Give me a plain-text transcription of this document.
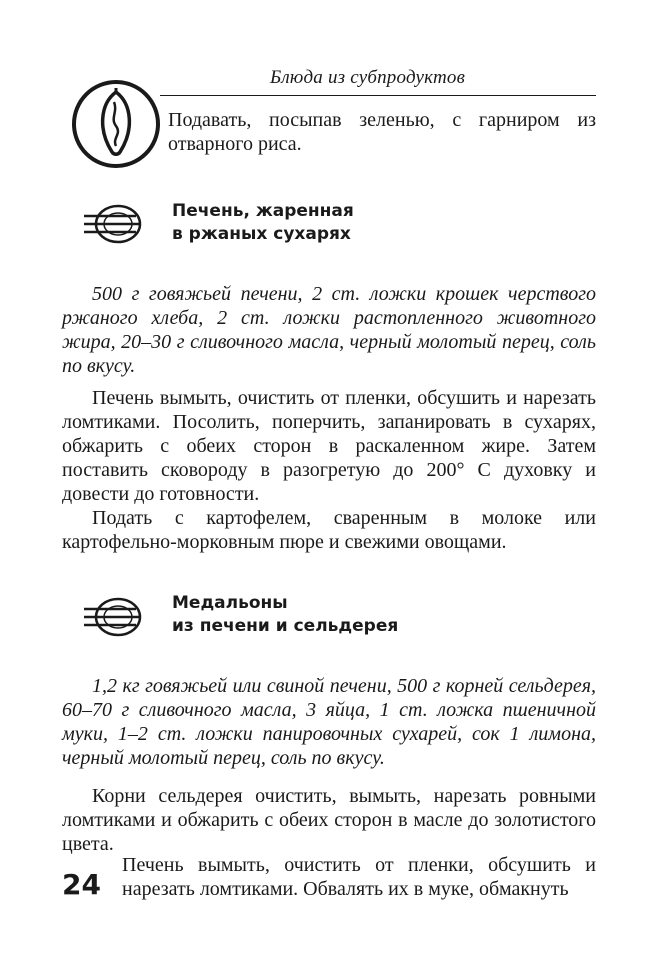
Блюда из субпродуктов
Подавать, посыпав зеленью, с гарниром из отварного риса.
Печень, жаренная
в ржаных сухарях
500 г говяжьей печени, 2 ст. ложки крошек черствого ржаного хлеба, 2 ст. ложки растопленного животного жира, 20–30 г сливочного масла, черный молотый перец, соль по вкусу.
Печень вымыть, очистить от пленки, обсушить и нарезать ломтиками. Посолить, поперчить, запанировать в сухарях, обжарить с обеих сторон в раскаленном жире. Затем поставить сковороду в разогретую до 200° С духовку и довести до готовности.
Подать с картофелем, сваренным в молоке или картофельно-морковным пюре и свежими овощами.
Медальоны
из печени и сельдерея
1,2 кг говяжьей или свиной печени, 500 г корней сельдерея, 60–70 г сливочного масла, 3 яйца, 1 ст. ложка пшеничной муки, 1–2 ст. ложки панировочных сухарей, сок 1 лимона, черный молотый перец, соль по вкусу.
Корни сельдерея очистить, вымыть, нарезать ровными ломтиками и обжарить с обеих сторон в масле до золотистого цвета.
Печень вымыть, очистить от пленки, обсушить и нарезать ломтиками. Обвалять их в муке, обмакнуть
24
